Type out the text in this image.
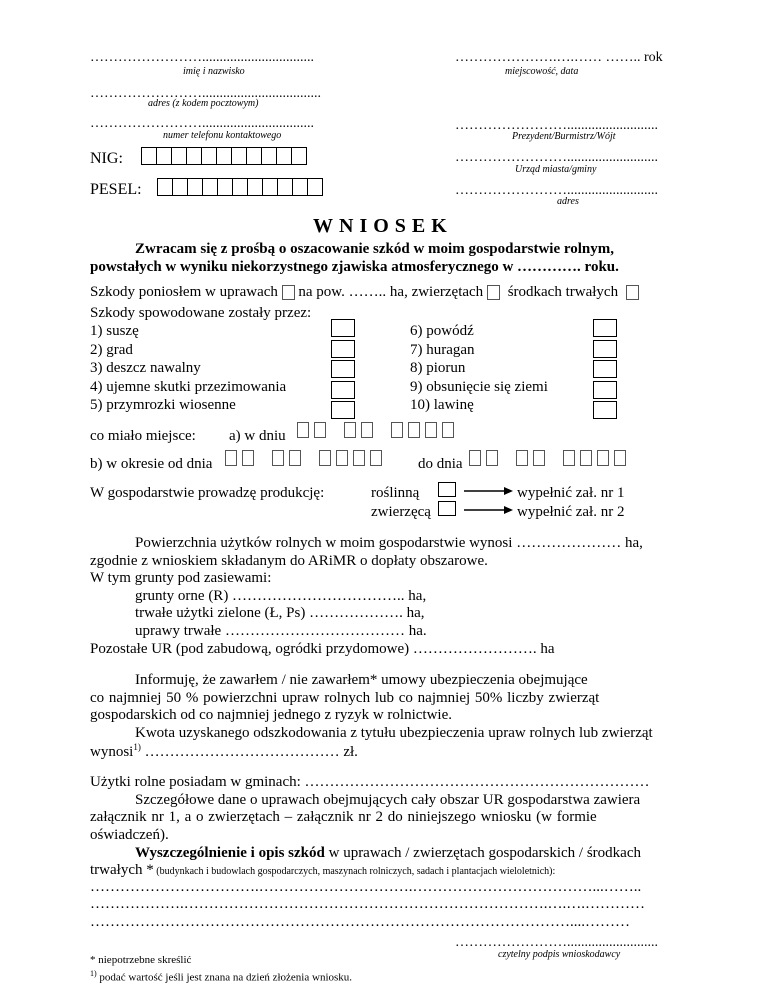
……………………................................
imię i nazwisko
……………………..................................
adres (z kodem pocztowym)
……………………................................
numer telefonu kontaktowego
………………….….…… …….. rok
miejscowość, data
……………………..........................
Prezydent/Burmistrz/Wójt
……………………..........................
Urząd miasta/gminy
……………………..........................
adres
NIG:
PESEL:
WNIOSEK
Zwracam się z prośbą o oszacowanie szkód w moim gospodarstwie rolnym,
powstałych w wyniku niekorzystnego zjawiska atmosferycznego w …………. roku.
Szkody poniosłem w uprawach na pow. …….. ha, zwierzętach środkach trwałych
Szkody spowodowane zostały przez:
1) suszę
2) grad
3) deszcz nawalny
4) ujemne skutki przezimowania
5) przymrozki wiosenne
6) powódź
7) huragan
8) piorun
9) obsunięcie się ziemi
10) lawinę
co miało miejsce: a) w dniu
b) w okresie od dnia	do dnia
W gospodarstwie prowadzę produkcję:	roślinną	wypełnić zał. nr 1
zwierzęcą	wypełnić zał. nr 2
Powierzchnia użytków rolnych w moim gospodarstwie wynosi ………………… ha,
zgodnie z wnioskiem składanym do ARiMR o dopłaty obszarowe.
W tym grunty pod zasiewami:
grunty orne (R) …………………………….. ha,
trwałe użytki zielone (Ł, Ps) ………………. ha,
uprawy trwałe ……………………………… ha.
Pozostałe UR (pod zabudową, ogródki przydomowe) ……………………. ha
Informuję, że zawarłem / nie zawarłem* umowy ubezpieczenia obejmujące
co najmniej 50 % powierzchni upraw rolnych lub co najmniej 50% liczby zwierząt
gospodarskich od co najmniej jednego z ryzyk w rolnictwie.
Kwota uzyskanego odszkodowania z tytułu ubezpieczenia upraw rolnych lub zwierząt
wynosi$^{1)}$ ………………………………… zł.
Użytki rolne posiadam w gminach: ……………………………………………………………
Szczegółowe dane o uprawach obejmujących cały obszar UR gospodarstwa zawiera
załącznik nr 1, a o zwierzętach – załącznik nr 2 do niniejszego wniosku (w formie
oświadczeń).
Wyszczególnienie i opis szkód w uprawach / zwierzętach gospodarskich / środkach
trwałych * (budynkach i budowlach gospodarczych, maszynach rolniczych, sadach i plantacjach wieloletnich):
…………………………….………………………….………………………………...……..
……………….……………………………………………………………….….….…………
……………………………………………………………………………………....………
……………………..........................
czytelny podpis wnioskodawcy
* niepotrzebne skreślić
$^{1)}$ podać wartość jeśli jest znana na dzień złożenia wniosku.
